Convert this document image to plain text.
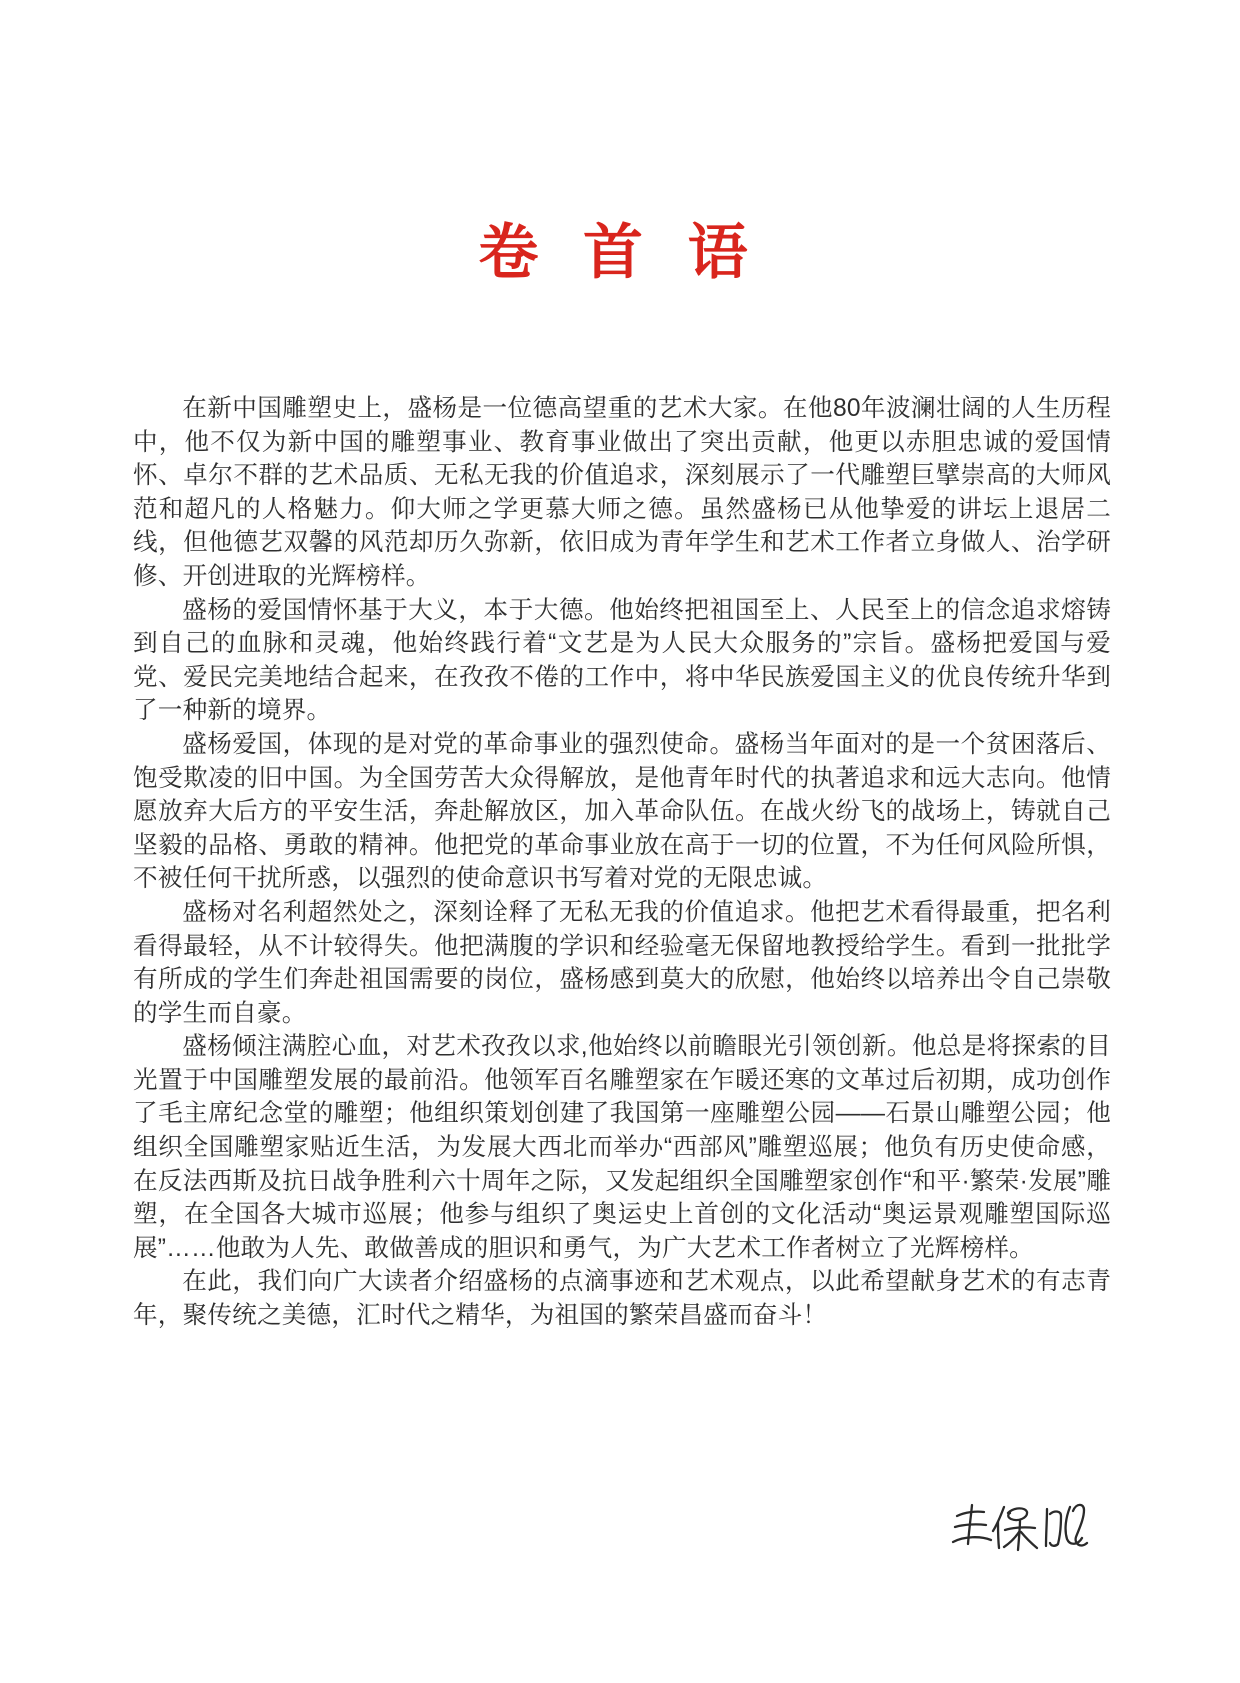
卷 首 语

在新中国雕塑史上，盛杨是一位德高望重的艺术大家。在他80年波澜壮阔的人生历程中，他不仅为新中国的雕塑事业、教育事业做出了突出贡献，他更以赤胆忠诚的爱国情怀、卓尔不群的艺术品质、无私无我的价值追求，深刻展示了一代雕塑巨擘崇高的大师风范和超凡的人格魅力。仰大师之学更慕大师之德。虽然盛杨已从他挚爱的讲坛上退居二线，但他德艺双馨的风范却历久弥新，依旧成为青年学生和艺术工作者立身做人、治学研修、开创进取的光辉榜样。

盛杨的爱国情怀基于大义，本于大德。他始终把祖国至上、人民至上的信念追求熔铸到自己的血脉和灵魂，他始终践行着“文艺是为人民大众服务的”宗旨。盛杨把爱国与爱党、爱民完美地结合起来，在孜孜不倦的工作中，将中华民族爱国主义的优良传统升华到了一种新的境界。

盛杨爱国，体现的是对党的革命事业的强烈使命。盛杨当年面对的是一个贫困落后、饱受欺凌的旧中国。为全国劳苦大众得解放，是他青年时代的执著追求和远大志向。他情愿放弃大后方的平安生活，奔赴解放区，加入革命队伍。在战火纷飞的战场上，铸就自己坚毅的品格、勇敢的精神。他把党的革命事业放在高于一切的位置，不为任何风险所惧，不被任何干扰所惑，以强烈的使命意识书写着对党的无限忠诚。

盛杨对名利超然处之，深刻诠释了无私无我的价值追求。他把艺术看得最重，把名利看得最轻，从不计较得失。他把满腹的学识和经验毫无保留地教授给学生。看到一批批学有所成的学生们奔赴祖国需要的岗位，盛杨感到莫大的欣慰，他始终以培养出令自己崇敬的学生而自豪。

盛杨倾注满腔心血，对艺术孜孜以求,他始终以前瞻眼光引领创新。他总是将探索的目光置于中国雕塑发展的最前沿。他领军百名雕塑家在乍暖还寒的文革过后初期，成功创作了毛主席纪念堂的雕塑；他组织策划创建了我国第一座雕塑公园——石景山雕塑公园；他组织全国雕塑家贴近生活，为发展大西北而举办“西部风”雕塑巡展；他负有历史使命感，在反法西斯及抗日战争胜利六十周年之际，又发起组织全国雕塑家创作“和平·繁荣·发展”雕塑，在全国各大城市巡展；他参与组织了奥运史上首创的文化活动“奥运景观雕塑国际巡展”……他敢为人先、敢做善成的胆识和勇气，为广大艺术工作者树立了光辉榜样。

在此，我们向广大读者介绍盛杨的点滴事迹和艺术观点，以此希望献身艺术的有志青年，聚传统之美德，汇时代之精华，为祖国的繁荣昌盛而奋斗！
